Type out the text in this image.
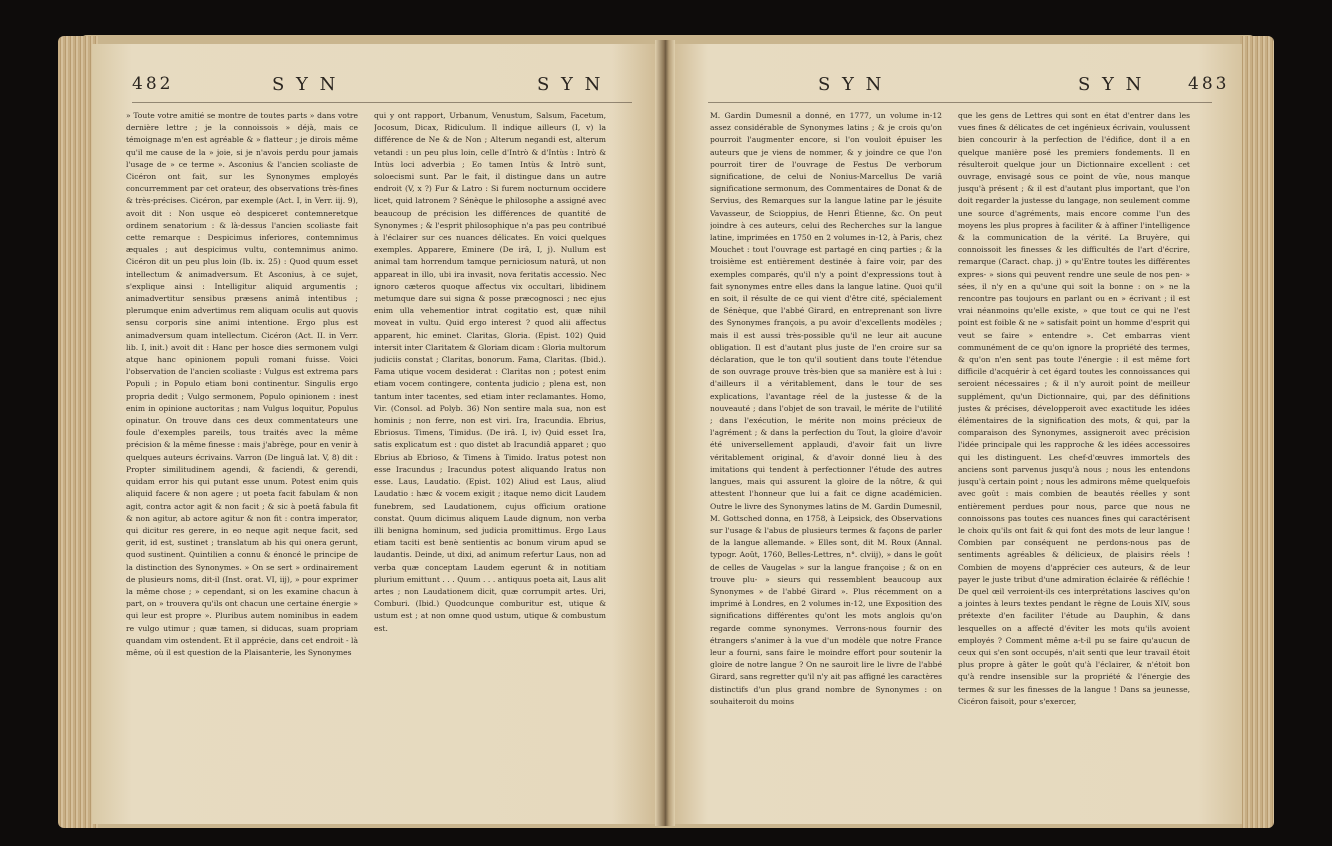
482	S Y N	S Y N

» Toute votre amitié se montre de toutes parts » dans votre dernière lettre ; je la connoissois » déjà, mais ce témoignage m'en est agréable & » flatteur ; je dirois même qu'il me cause de la » joie, si je n'avois perdu pour jamais l'usage de » ce terme ». Asconius & l'ancien scoliaste de Cicéron ont fait, sur les Synonymes employés concurremment par cet orateur, des observations très-fines & très-précises. Cicéron, par exemple (Act. I, in Verr. iij. 9), avoit dit : Non usque eò despiceret contemneretque ordinem senatorium : & là-dessus l'ancien scoliaste fait cette remarque : Despicimus inferiores, contemnimus æquales ; aut despicimus vultu, contemnimus animo. Cicéron dit un peu plus loin (Ib. ix. 25) : Quod quum esset intellectum & animadversum. Et Asconius, à ce sujet, s'explique ainsi : Intelligitur aliquid argumentis ; animadvertitur sensibus præsens animâ intentibus ; plerumque enim advertimus rem aliquam oculis aut quovis sensu corporis sine animi intentione. Ergo plus est animadversum quam intellectum. Cicéron (Act. II. in Verr. lib. I, init.) avoit dit : Hanc per hosce dies sermonem vulgi atque hanc opinionem populi romani fuisse. Voici l'observation de l'ancien scoliaste : Vulgus est extrema pars Populi ; in Populo etiam boni continentur. Singulis ergo propria dedit ; Vulgo sermonem, Populo opinionem : inest enim in opinione auctoritas ; nam Vulgus loquitur, Populus opinatur. On trouve dans ces deux commentateurs une foule d'exemples pareils, tous traités avec la même précision & la même finesse : mais j'abrège, pour en venir à quelques auteurs écrivains. Varron (De linguâ lat. V, 8) dit : Propter similitudinem agendi, & faciendi, & gerendi, quidam error his qui putant esse unum. Potest enim quis aliquid facere & non agere ; ut poeta facit fabulam & non agit, contra actor agit & non facit ; & sic à poetâ fabula fit & non agitur, ab actore agitur & non fit : contra imperator, qui dicitur res gerere, in eo neque agit neque facit, sed gerit, id est, sustinet ; translatum ab his qui onera gerunt, quod sustinent. Quintilien a connu & énoncé le principe de la distinction des Synonymes. » On se sert » ordinairement de plusieurs noms, dit-il (Inst. orat. VI, iij), » pour exprimer la même chose ; » cependant, si on les examine chacun à part, on » trouvera qu'ils ont chacun une certaine énergie » qui leur est propre ». Pluribus autem nominibus in eadem re vulgo utimur ; quæ tamen, si diducas, suam propriam quandam vim ostendent. Et il apprécie, dans cet endroit - là même, où il est question de la Plaisanterie, les Synonymes

qui y ont rapport, Urbanum, Venustum, Salsum, Facetum, Jocosum, Dicax, Ridiculum. Il indique ailleurs (I, v) la différence de Ne & de Non ; Alterum negandi est, alterum vetandi : un peu plus loin, celle d'Intrò & d'Intùs : Intrò & Intùs loci adverbia ; Eo tamen Intùs & Intrò sunt, soloecismi sunt. Par le fait, il distingue dans un autre endroit (V, x ?) Fur & Latro : Si furem nocturnum occidere licet, quid latronem ? Sénèque le philosophe a assigné avec beaucoup de précision les différences de quantité de Synonymes ; & l'esprit philosophique n'a pas peu contribué à l'éclairer sur ces nuances délicates. En voici quelques exemples. Apparere, Eminere (De irâ, I, j). Nullum est animal tam horrendum tamque perniciosum naturâ, ut non appareat in illo, ubi ira invasit, nova feritatis accessio. Nec ignoro cæteros quoque affectus vix occultari, libidinem metumque dare sui signa & posse præcognosci ; nec ejus enim ulla vehementior intrat cogitatio est, quæ nihil moveat in vultu. Quid ergo interest ? quod alii affectus apparent, hic eminet. Claritas, Gloria. (Epist. 102) Quid intersit inter Claritatem & Gloriam dicam : Gloria multorum judiciis constat ; Claritas, bonorum. Fama, Claritas. (Ibid.). Fama utique vocem desiderat : Claritas non ; potest enim etiam vocem contingere, contenta judicio ; plena est, non tantum inter tacentes, sed etiam inter reclamantes. Homo, Vir. (Consol. ad Polyb. 36) Non sentire mala sua, non est hominis ; non ferre, non est viri. Ira, Iracundia. Ebrius, Ebriosus. Timens, Timidus. (De irâ. I, iv) Quid esset Ira, satis explicatum est : quo distet ab Iracundiâ apparet ; quo Ebrius ab Ebrioso, & Timens à Timido. Iratus potest non esse Iracundus ; Iracundus potest aliquando Iratus non esse. Laus, Laudatio. (Epist. 102) Aliud est Laus, aliud Laudatio : hæc & vocem exigit ; itaque nemo dicit Laudem funebrem, sed Laudationem, cujus officium oratione constat. Quum dicimus aliquem Laude dignum, non verba illi benigna hominum, sed judicia promittimus. Ergo Laus etiam taciti est benè sentientis ac bonum virum apud se laudantis. Deinde, ut dixi, ad animum refertur Laus, non ad verba quæ conceptam Laudem egerunt & in notitiam plurium emittunt . . . Quum . . . antiquus poeta ait, Laus alit artes ; non Laudationem dicit, quæ corrumpit artes. Uri, Comburi. (Ibid.) Quodcunque comburitur est, utique & ustum est ; at non omne quod ustum, utique & combustum est.

S Y N	S Y N	483

M. Gardin Dumesnil a donné, en 1777, un volume in-12 assez considérable de Synonymes latins ; & je crois qu'on pourroit l'augmenter encore, si l'on vouloit épuiser les auteurs que je viens de nommer, & y joindre ce que l'on pourroit tirer de l'ouvrage de Festus De verborum significatione, de celui de Nonius-Marcellus De variâ significatione sermonum, des Commentaires de Donat & de Servius, des Remarques sur la langue latine par le jésuite Vavasseur, de Scioppius, de Henri Étienne, &c. On peut joindre à ces auteurs, celui des Recherches sur la langue latine, imprimées en 1750 en 2 volumes in-12, à Paris, chez Mouchet : tout l'ouvrage est partagé en cinq parties ; & la troisième est entièrement destinée à faire voir, par des exemples comparés, qu'il n'y a point d'expressions tout à fait synonymes entre elles dans la langue latine. Quoi qu'il en soit, il résulte de ce qui vient d'être cité, spécialement de Sénèque, que l'abbé Girard, en entreprenant son livre des Synonymes françois, a pu avoir d'excellents modèles ; mais il est aussi très-possible qu'il ne leur ait aucune obligation. Il est d'autant plus juste de l'en croire sur sa déclaration, que le ton qu'il soutient dans toute l'étendue de son ouvrage prouve très-bien que sa manière est à lui : d'ailleurs il a véritablement, dans le tour de ses explications, l'avantage réel de la justesse & de la nouveauté ; dans l'objet de son travail, le mérite de l'utilité ; dans l'exécution, le mérite non moins précieux de l'agrément ; & dans la perfection du Tout, la gloire d'avoir été universellement applaudi, d'avoir fait un livre véritablement original, & d'avoir donné lieu à des imitations qui tendent à perfectionner l'étude des autres langues, mais qui assurent la gloire de la nôtre, & qui attestent l'honneur que lui a fait ce digne académicien. Outre le livre des Synonymes latins de M. Gardin Dumesnil, M. Gottsched donna, en 1758, à Leipsick, des Observations sur l'usage & l'abus de plusieurs termes & façons de parler de la langue allemande. » Elles sont, dit M. Roux (Annal. typogr. Août, 1760, Belles-Lettres, n°. clviij), » dans le goût de celles de Vaugelas » sur la langue françoise ; & on en trouve plu- » sieurs qui ressemblent beaucoup aux Synonymes » de l'abbé Girard ». Plus récemment on a imprimé à Londres, en 2 volumes in-12, une Exposition des significations différentes qu'ont les mots anglois qu'on regarde comme synonymes. Verrons-nous fournir des étrangers s'animer à la vue d'un modèle que notre France leur a fourni, sans faire le moindre effort pour soutenir la gloire de notre langue ? On ne sauroit lire le livre de l'abbé Girard, sans regretter qu'il n'y ait pas affigné les caractères distinctifs d'un plus grand nombre de Synonymes : on souhaiteroit du moins

que les gens de Lettres qui sont en état d'entrer dans les vues fines & délicates de cet ingénieux écrivain, voulussent bien concourir à la perfection de l'édifice, dont il a en quelque manière posé les premiers fondements. Il en résulteroit quelque jour un Dictionnaire excellent : cet ouvrage, envisagé sous ce point de vûe, nous manque jusqu'à présent ; & il est d'autant plus important, que l'on doit regarder la justesse du langage, non seulement comme une source d'agréments, mais encore comme l'un des moyens les plus propres à faciliter & à affiner l'intelligence & la communication de la vérité. La Bruyère, qui connoissoit les finesses & les difficultés de l'art d'écrire, remarque (Caract. chap. j) » qu'Entre toutes les différentes expres- » sions qui peuvent rendre une seule de nos pen- » sées, il n'y en a qu'une qui soit la bonne : on » ne la rencontre pas toujours en parlant ou en » écrivant ; il est vrai néanmoins qu'elle existe, » que tout ce qui ne l'est point est foible & ne » satisfait point un homme d'esprit qui veut se faire » entendre ». Cet embarras vient communément de ce qu'on ignore la propriété des termes, & qu'on n'en sent pas toute l'énergie : il est même fort difficile d'acquérir à cet égard toutes les connoissances qui seroient nécessaires ; & il n'y auroit point de meilleur supplément, qu'un Dictionnaire, qui, par des définitions justes & précises, développeroit avec exactitude les idées élémentaires de la signification des mots, & qui, par la comparaison des Synonymes, assigneroit avec précision l'idée principale qui les rapproche & les idées accessoires qui les distinguent. Les chef-d'œuvres immortels des anciens sont parvenus jusqu'à nous ; nous les entendons jusqu'à certain point ; nous les admirons même quelquefois avec goût : mais combien de beautés réelles y sont entièrement perdues pour nous, parce que nous ne connoissons pas toutes ces nuances fines qui caractérisent le choix qu'ils ont fait & qui font des mots de leur langue ! Combien par conséquent ne perdons-nous pas de sentiments agréables & délicieux, de plaisirs réels ! Combien de moyens d'apprécier ces auteurs, & de leur payer le juste tribut d'une admiration éclairée & réfléchie ! De quel œil verroient-ils ces interprétations lascives qu'on a jointes à leurs textes pendant le règne de Louis XIV, sous prétexte d'en faciliter l'étude au Dauphin, & dans lesquelles on a affecté d'éviter les mots qu'ils avoient employés ? Comment même a-t-il pu se faire qu'aucun de ceux qui s'en sont occupés, n'ait senti que leur travail étoit plus propre à gâter le goût qu'à l'éclairer, & n'étoit bon qu'à rendre insensible sur la propriété & l'énergie des termes & sur les finesses de la langue ! Dans sa jeunesse, Cicéron faisoit, pour s'exercer,
